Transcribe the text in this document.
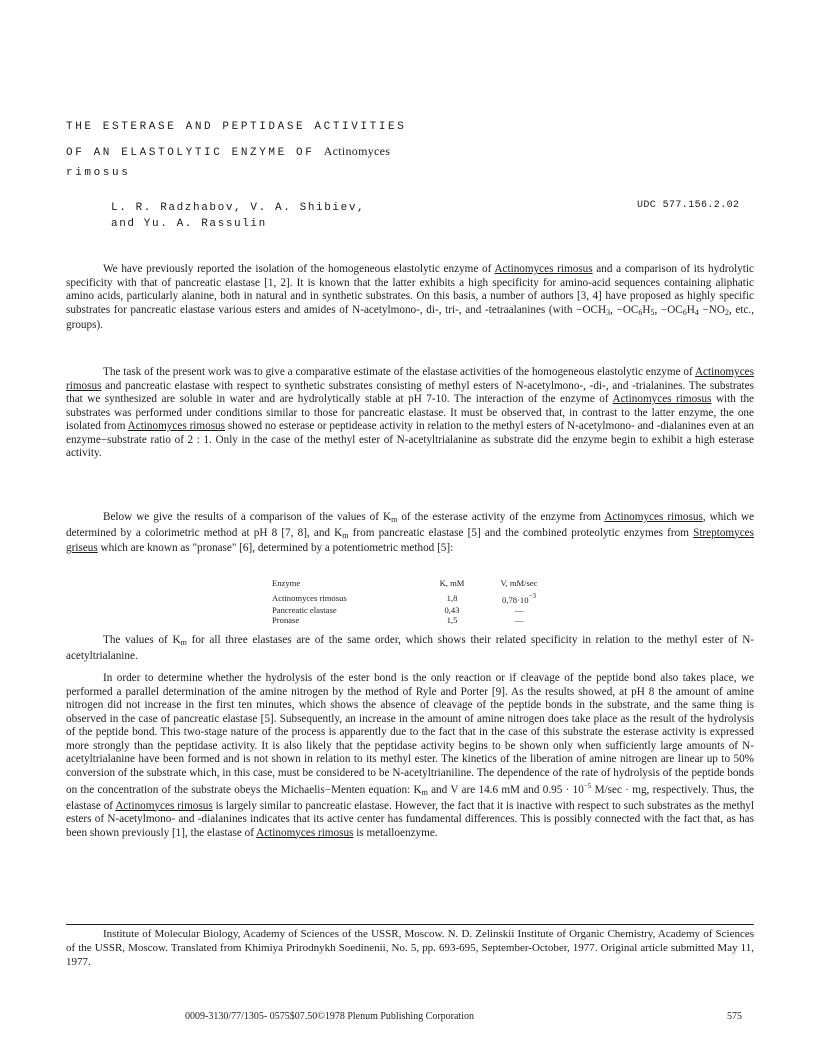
THE ESTERASE AND PEPTIDASE ACTIVITIES
OF AN ELASTOLYTIC ENZYME OF Actinomyces
rimosus
L. R. Radzhabov, V. A. Shibiev,
and Yu. A. Rassulin
UDC 577.156.2.02

We have previously reported the isolation of the homogeneous elastolytic enzyme of Actinomyces rimosus and a comparison of its hydrolytic specificity with that of pancreatic elastase [1, 2]. It is known that the latter exhibits a high specificity for amino-acid sequences containing aliphatic amino acids, particularly alanine, both in natural and in synthetic substrates. On this basis, a number of authors [3, 4] have proposed as highly specific substrates for pancreatic elastase various esters and amides of N-acetylmono-, di-, tri-, and -tetraalanines (with $-OCH_3$, $-OC_6H_5$, $-OC_6H_4 -NO_2$, etc., groups).

The task of the present work was to give a comparative estimate of the elastase activities of the homogeneous elastolytic enzyme of Actinomyces rimosus and pancreatic elastase with respect to synthetic substrates consisting of methyl esters of N-acetylmono-, -di-, and -trialanines. The substrates that we synthesized are soluble in water and are hydrolytically stable at pH 7-10. The interaction of the enzyme of Actinomyces rimosus with the substrates was performed under conditions similar to those for pancreatic elastase. It must be observed that, in contrast to the latter enzyme, the one isolated from Actinomyces rimosus showed no esterase or peptidease activity in relation to the methyl esters of N-acetylmono- and -dialanines even at an enzyme−substrate ratio of 2 : 1. Only in the case of the methyl ester of N-acetyltrialanine as substrate did the enzyme begin to exhibit a high esterase activity.

Below we give the results of a comparison of the values of $K_m$ of the esterase activity of the enzyme from Actinomyces rimosus, which we determined by a colorimetric method at pH 8 [7, 8], and $K_m$ from pancreatic elastase [5] and the combined proteolytic enzymes from Streptomyces griseus which are known as "pronase" [6], determined by a potentiometric method [5]:

Enzyme	K, mM	V, mM/sec
Actinomyces rimosus	1,8	$0,78\cdot 10^{-3}$
Pancreatic elastase	0,43	—
Pronase	1,5	—

The values of $K_m$ for all three elastases are of the same order, which shows their related specificity in relation to the methyl ester of N-acetyltrialanine.

In order to determine whether the hydrolysis of the ester bond is the only reaction or if cleavage of the peptide bond also takes place, we performed a parallel determination of the amine nitrogen by the method of Ryle and Porter [9]. As the results showed, at pH 8 the amount of amine nitrogen did not increase in the first ten minutes, which shows the absence of cleavage of the peptide bonds in the substrate, and the same thing is observed in the case of pancreatic elastase [5]. Subsequently, an increase in the amount of amine nitrogen does take place as the result of the hydrolysis of the peptide bond. This two-stage nature of the process is apparently due to the fact that in the case of this substrate the esterase activity is expressed more strongly than the peptidase activity. It is also likely that the peptidase activity begins to be shown only when sufficiently large amounts of N-acetyltrialanine have been formed and is not shown in relation to its methyl ester. The kinetics of the liberation of amine nitrogen are linear up to 50% conversion of the substrate which, in this case, must be considered to be N-acetyltrianiline. The dependence of the rate of hydrolysis of the peptide bonds on the concentration of the substrate obeys the Michaelis−Menten equation: $K_m$ and V are 14.6 mM and $0.95 \cdot 10^{-5}$ M/sec · mg, respectively. Thus, the elastase of Actinomyces rimosus is largely similar to pancreatic elastase. However, the fact that it is inactive with respect to such substrates as the methyl esters of N-acetylmono- and -dialanines indicates that its active center has fundamental differences. This is possibly connected with the fact that, as has been shown previously [1], the elastase of Actinomyces rimosus is metalloenzyme.

Institute of Molecular Biology, Academy of Sciences of the USSR, Moscow. N. D. Zelinskii Institute of Organic Chemistry, Academy of Sciences of the USSR, Moscow. Translated from Khimiya Prirodnykh Soedinenii, No. 5, pp. 693-695, September-October, 1977. Original article submitted May 11, 1977.

0009-3130/77/1305- 0575$07.50©1978 Plenum Publishing Corporation	575
